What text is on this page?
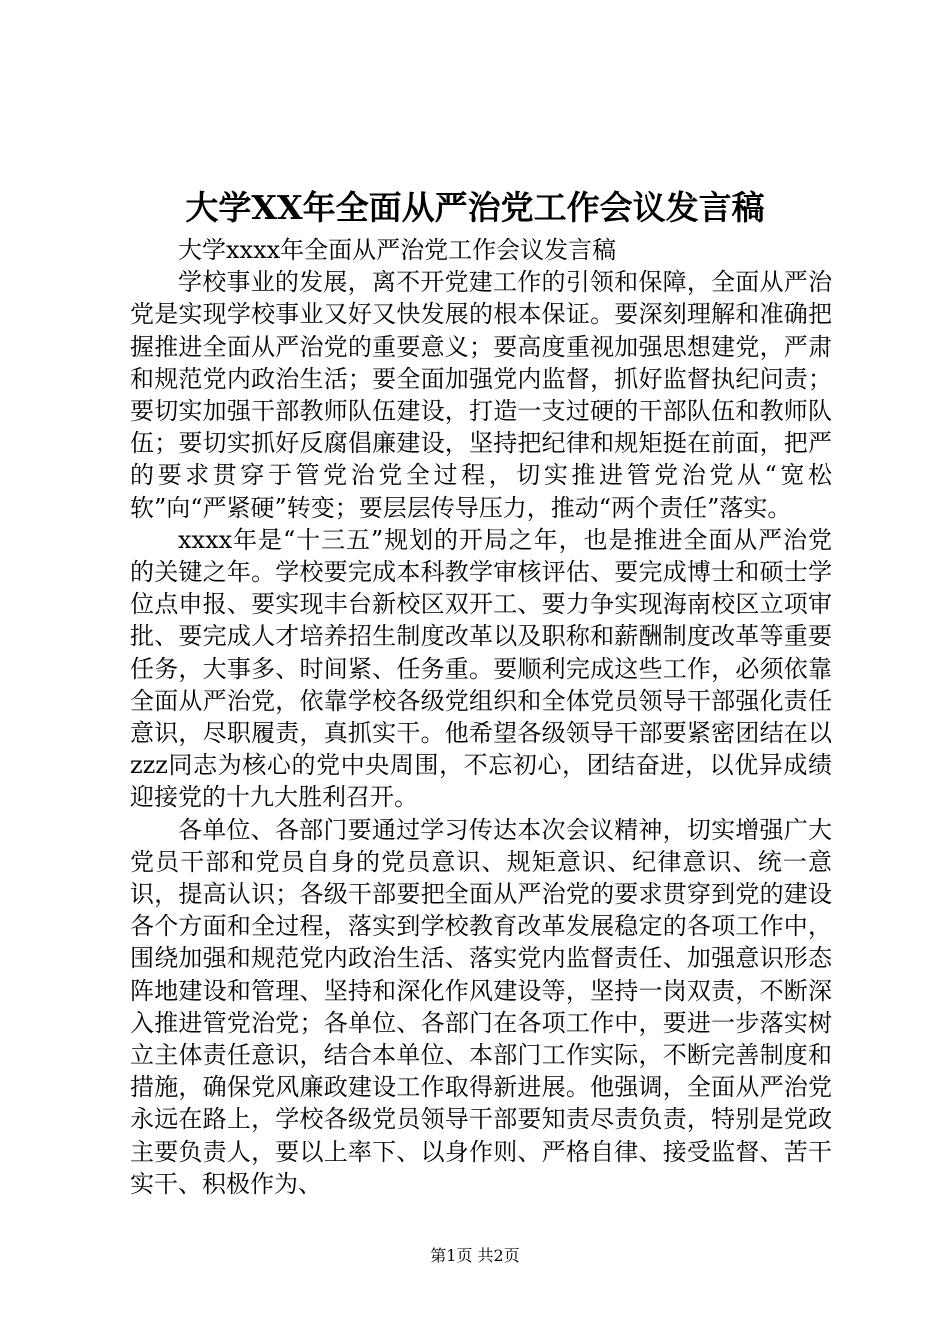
大学XX年全面从严治党工作会议发言稿

大学xxxx年全面从严治党工作会议发言稿

学校事业的发展，离不开党建工作的引领和保障，全面从严治党是实现学校事业又好又快发展的根本保证。要深刻理解和准确把握推进全面从严治党的重要意义；要高度重视加强思想建党，严肃和规范党内政治生活；要全面加强党内监督，抓好监督执纪问责；要切实加强干部教师队伍建设，打造一支过硬的干部队伍和教师队伍；要切实抓好反腐倡廉建设，坚持把纪律和规矩挺在前面，把严的要求贯穿于管党治党全过程，切实推进管党治党从“宽松软”向“严紧硬”转变；要层层传导压力，推动“两个责任”落实。

xxxx年是“十三五”规划的开局之年，也是推进全面从严治党的关键之年。学校要完成本科教学审核评估、要完成博士和硕士学位点申报、要实现丰台新校区双开工、要力争实现海南校区立项审批、要完成人才培养招生制度改革以及职称和薪酬制度改革等重要任务，大事多、时间紧、任务重。要顺利完成这些工作，必须依靠全面从严治党，依靠学校各级党组织和全体党员领导干部强化责任意识，尽职履责，真抓实干。他希望各级领导干部要紧密团结在以zzz同志为核心的党中央周围，不忘初心，团结奋进，以优异成绩迎接党的十九大胜利召开。

各单位、各部门要通过学习传达本次会议精神，切实增强广大党员干部和党员自身的党员意识、规矩意识、纪律意识、统一意识，提高认识；各级干部要把全面从严治党的要求贯穿到党的建设各个方面和全过程，落实到学校教育改革发展稳定的各项工作中，围绕加强和规范党内政治生活、落实党内监督责任、加强意识形态阵地建设和管理、坚持和深化作风建设等，坚持一岗双责，不断深入推进管党治党；各单位、各部门在各项工作中，要进一步落实树立主体责任意识，结合本单位、本部门工作实际，不断完善制度和措施，确保党风廉政建设工作取得新进展。他强调，全面从严治党永远在路上，学校各级党员领导干部要知责尽责负责，特别是党政主要负责人，要以上率下、以身作则、严格自律、接受监督、苦干实干、积极作为、

第1页 共2页
